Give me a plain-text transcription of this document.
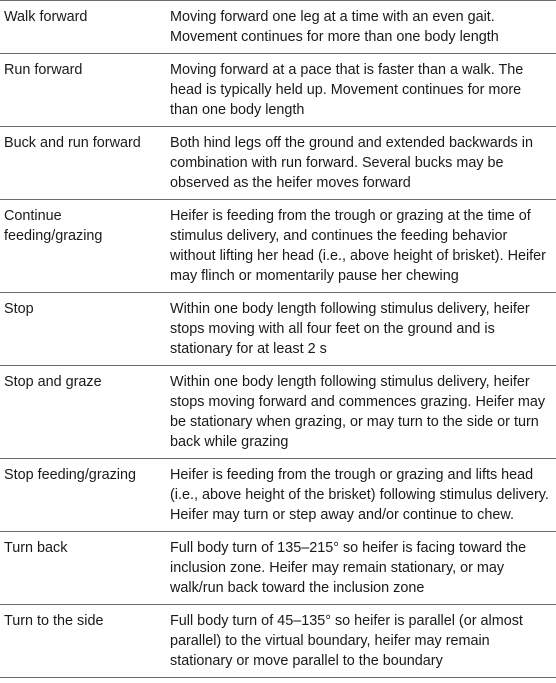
Walk forward	Moving forward one leg at a time with an even gait. Movement continues for more than one body length
Run forward	Moving forward at a pace that is faster than a walk. The head is typically held up. Movement continues for more than one body length
Buck and run forward	Both hind legs off the ground and extended backwards in combination with run forward. Several bucks may be observed as the heifer moves forward
Continue feeding/grazing	Heifer is feeding from the trough or grazing at the time of stimulus delivery, and continues the feeding behavior without lifting her head (i.e., above height of brisket). Heifer may flinch or momentarily pause her chewing
Stop	Within one body length following stimulus delivery, heifer stops moving with all four feet on the ground and is stationary for at least 2 s
Stop and graze	Within one body length following stimulus delivery, heifer stops moving forward and commences grazing. Heifer may be stationary when grazing, or may turn to the side or turn back while grazing
Stop feeding/grazing	Heifer is feeding from the trough or grazing and lifts head (i.e., above height of the brisket) following stimulus delivery. Heifer may turn or step away and/or continue to chew.
Turn back	Full body turn of 135–215° so heifer is facing toward the inclusion zone. Heifer may remain stationary, or may walk/run back toward the inclusion zone
Turn to the side	Full body turn of 45–135° so heifer is parallel (or almost parallel) to the virtual boundary, heifer may remain stationary or move parallel to the boundary
